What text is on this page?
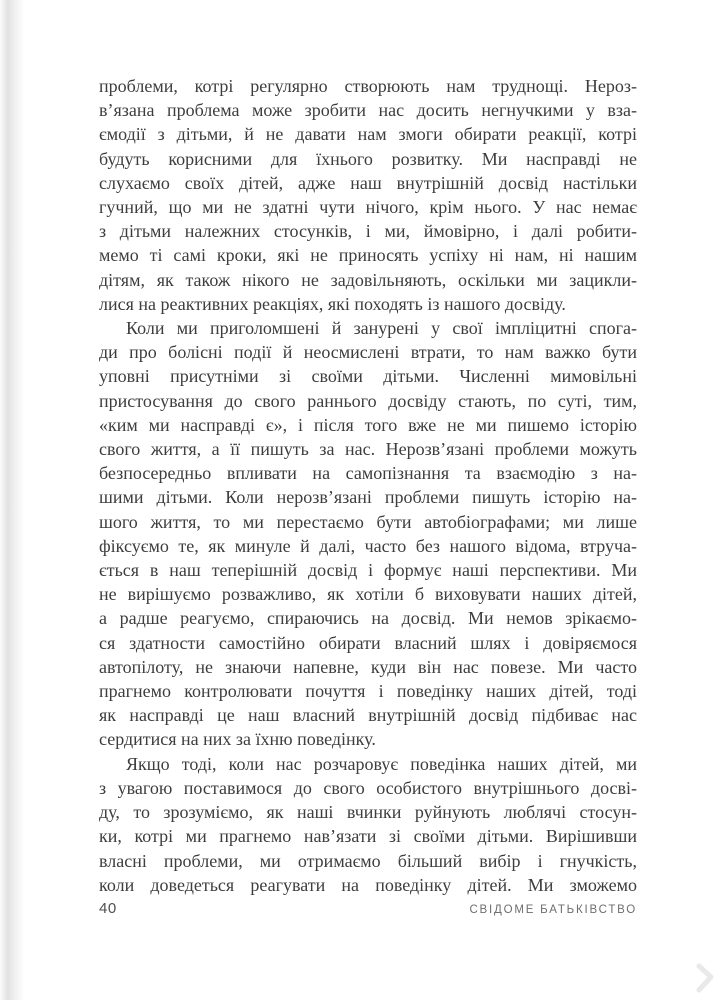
проблеми, котрі регулярно створюють нам труднощі. Нероз-
в’язана проблема може зробити нас досить негнучкими у вза-
ємодії з дітьми, й не давати нам змоги обирати реакції, котрі
будуть корисними для їхнього розвитку. Ми насправді не
слухаємо своїх дітей, адже наш внутрішній досвід настільки
гучний, що ми не здатні чути нічого, крім нього. У нас немає
з дітьми належних стосунків, і ми, ймовірно, і далі робити-
мемо ті самі кроки, які не приносять успіху ні нам, ні нашим
дітям, як також нікого не задовільняють, оскільки ми зацикли-
лися на реактивних реакціях, які походять із нашого досвіду.
Коли ми приголомшені й занурені у свої імпліцитні спога-
ди про болісні події й неосмислені втрати, то нам важко бути
уповні присутніми зі своїми дітьми. Численні мимовільні
пристосування до свого раннього досвіду стають, по суті, тим,
«ким ми насправді є», і після того вже не ми пишемо історію
свого життя, а її пишуть за нас. Нерозв’язані проблеми можуть
безпосередньо впливати на самопізнання та взаємодію з на-
шими дітьми. Коли нерозв’язані проблеми пишуть історію на-
шого життя, то ми перестаємо бути автобіографами; ми лише
фіксуємо те, як минуле й далі, часто без нашого відома, втруча-
ється в наш теперішній досвід і формує наші перспективи. Ми
не вирішуємо розважливо, як хотіли б виховувати наших дітей,
а радше реагуємо, спираючись на досвід. Ми немов зрікаємо-
ся здатности самостійно обирати власний шлях і довіряємося
автопілоту, не знаючи напевне, куди він нас повезе. Ми часто
прагнемо контролювати почуття і поведінку наших дітей, тоді
як насправді це наш власний внутрішній досвід підбиває нас
сердитися на них за їхню поведінку.
Якщо тоді, коли нас розчаровує поведінка наших дітей, ми
з увагою поставимося до свого особистого внутрішнього досві-
ду, то зрозуміємо, як наші вчинки руйнують люблячі стосун-
ки, котрі ми прагнемо нав’язати зі своїми дітьми. Вирішивши
власні проблеми, ми отримаємо більший вибір і гнучкість,
коли доведеться реагувати на поведінку дітей. Ми зможемо
40	СВІДОМЕ БАТЬКІВСТВО
